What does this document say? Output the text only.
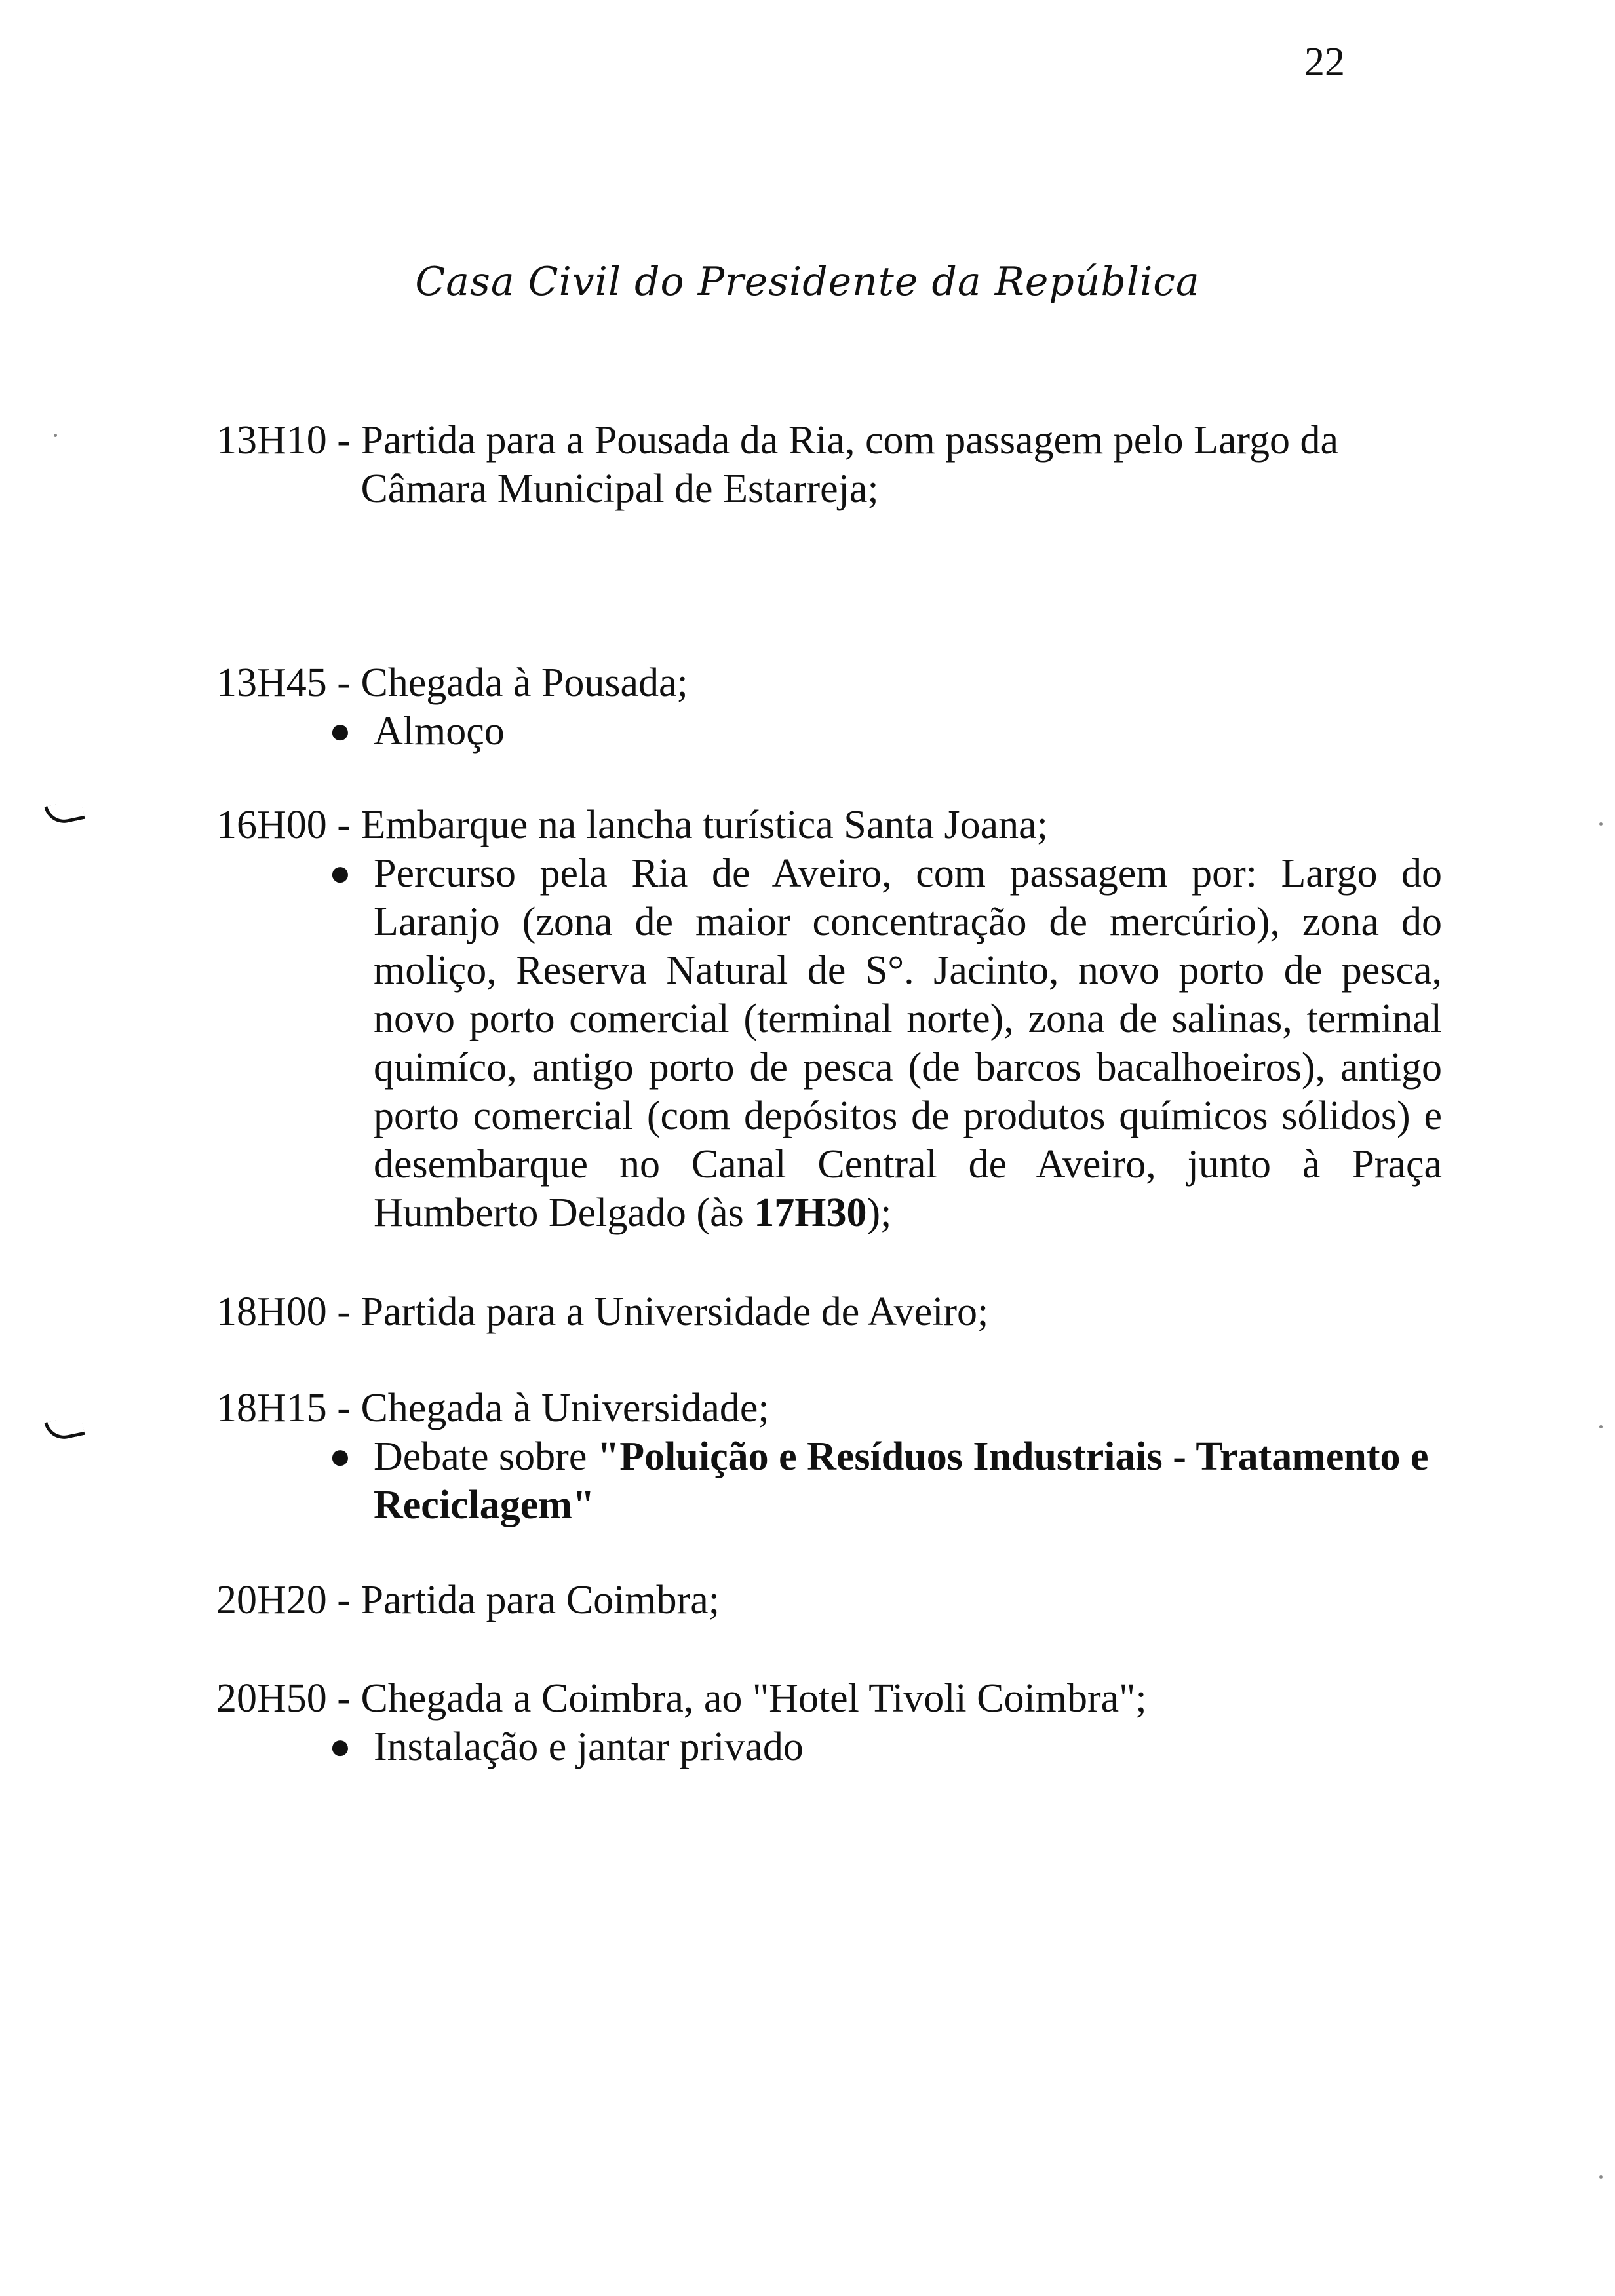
22
Casa Civil do Presidente da República
13H10 - Partida para a Pousada da Ria, com passagem pelo Largo da Câmara Municipal de Estarreja;
13H45 - Chegada à Pousada;
● Almoço
16H00 - Embarque na lancha turística Santa Joana;
● Percurso pela Ria de Aveiro, com passagem por: Largo do Laranjo (zona de maior concentração de mercúrio), zona do moliço, Reserva Natural de S°. Jacinto, novo porto de pesca, novo porto comercial (terminal norte), zona de salinas, terminal quimíco, antigo porto de pesca (de barcos bacalhoeiros), antigo porto comercial (com depósitos de produtos químicos sólidos) e desembarque no Canal Central de Aveiro, junto à Praça Humberto Delgado (às 17H30);
18H00 - Partida para a Universidade de Aveiro;
18H15 - Chegada à Universidade;
● Debate sobre "Poluição e Resíduos Industriais - Tratamento e Reciclagem"
20H20 - Partida para Coimbra;
20H50 - Chegada a Coimbra, ao "Hotel Tivoli Coimbra";
● Instalação e jantar privado
